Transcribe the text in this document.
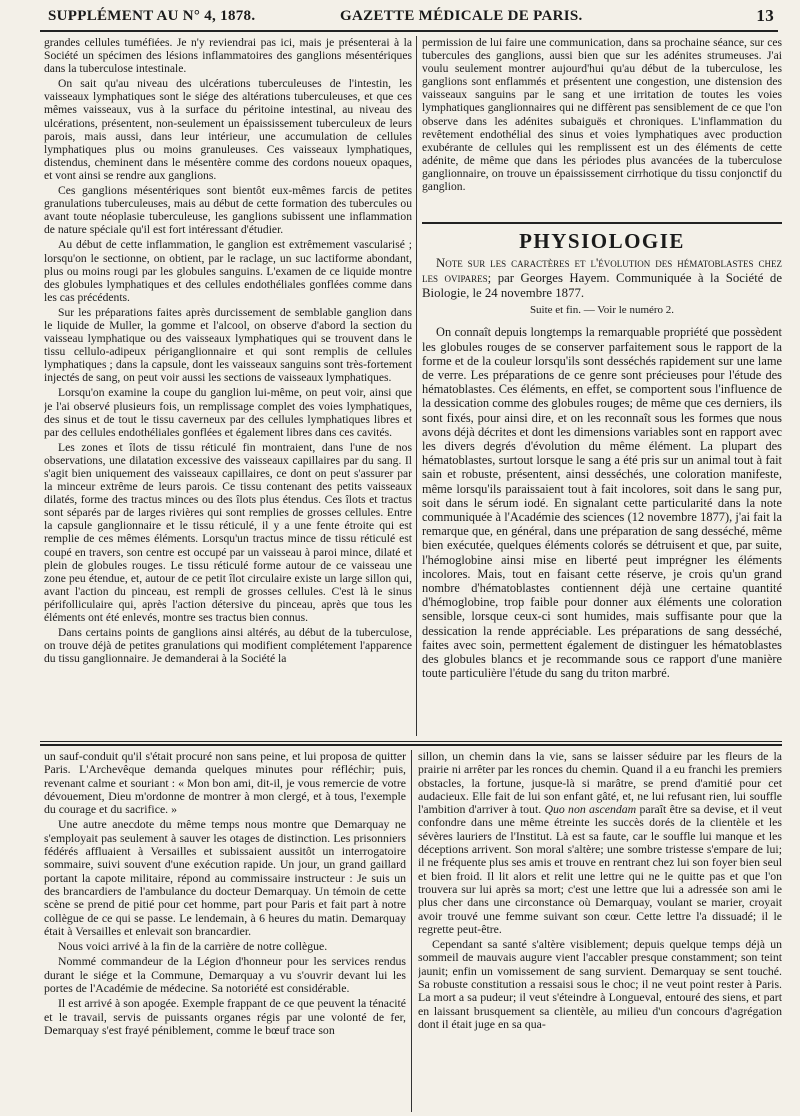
SUPPLÉMENT AU N° 4, 1878.	GAZETTE MÉDICALE DE PARIS.	13

grandes cellules tuméfiées. Je n'y reviendrai pas ici, mais je présenterai à la Société un spécimen des lésions inflammatoires des ganglions mésentériques dans la tuberculose intestinale.

On sait qu'au niveau des ulcérations tuberculeuses de l'intestin, les vaisseaux lymphatiques sont le siége des altérations tuberculeuses, et que ces mêmes vaisseaux, vus à la surface du péritoine intestinal, au niveau des ulcérations, présentent, non-seulement un épaississement tuberculeux de leurs parois, mais aussi, dans leur intérieur, une accumulation de cellules lymphatiques plus ou moins granuleuses. Ces vaisseaux lymphatiques, distendus, cheminent dans le mésentère comme des cordons noueux opaques, et vont ainsi se rendre aux ganglions.

Ces ganglions mésentériques sont bientôt eux-mêmes farcis de petites granulations tuberculeuses, mais au début de cette formation des tubercules ou avant toute néoplasie tuberculeuse, les ganglions subissent une inflammation de nature spéciale qu'il est fort intéressant d'étudier.

Au début de cette inflammation, le ganglion est extrêmement vascularisé ; lorsqu'on le sectionne, on obtient, par le raclage, un suc lactiforme abondant, plus ou moins rougi par les globules sanguins. L'examen de ce liquide montre des globules lymphatiques et des cellules endothéliales gonflées comme dans les cas précédents.

Sur les préparations faites après durcissement de semblable ganglion dans le liquide de Muller, la gomme et l'alcool, on observe d'abord la section du vaisseau lymphatique ou des vaisseaux lymphatiques qui se trouvent dans le tissu cellulo-adipeux périganglionnaire et qui sont remplis de cellules lymphatiques ; dans la capsule, dont les vaisseaux sanguins sont très-fortement injectés de sang, on peut voir aussi les sections de vaisseaux lymphatiques.

Lorsqu'on examine la coupe du ganglion lui-même, on peut voir, ainsi que je l'ai observé plusieurs fois, un remplissage complet des voies lymphatiques, des sinus et de tout le tissu caverneux par des cellules lymphatiques libres et par des cellules endothéliales gonflées et également libres dans ces cavités.

Les zones et îlots de tissu réticulé fin montraient, dans l'une de nos observations, une dilatation excessive des vaisseaux capillaires par du sang. Il s'agit bien uniquement des vaisseaux capillaires, ce dont on peut s'assurer par la minceur extrême de leurs parois. Ce tissu contenant des petits vaisseaux dilatés, forme des tractus minces ou des îlots plus étendus. Ces îlots et tractus sont séparés par de larges rivières qui sont remplies de grosses cellules. Entre la capsule ganglionnaire et le tissu réticulé, il y a une fente étroite qui est remplie de ces mêmes éléments. Lorsqu'un tractus mince de tissu réticulé est coupé en travers, son centre est occupé par un vaisseau à paroi mince, dilaté et plein de globules rouges. Le tissu réticulé forme autour de ce vaisseau une zone peu étendue, et, autour de ce petit îlot circulaire existe un large sillon qui, avant l'action du pinceau, est rempli de grosses cellules. C'est là le sinus périfolliculaire qui, après l'action détersive du pinceau, après que tous les éléments ont été enlevés, montre ses tractus bien connus.

Dans certains points de ganglions ainsi altérés, au début de la tuberculose, on trouve déjà de petites granulations qui modifient complétement l'apparence du tissu ganglionnaire. Je demanderai à la Société la

permission de lui faire une communication, dans sa prochaine séance, sur ces tubercules des ganglions, aussi bien que sur les adénites strumeuses. J'ai voulu seulement montrer aujourd'hui qu'au début de la tuberculose, les ganglions sont enflammés et présentent une congestion, une distension des vaisseaux sanguins par le sang et une irritation de toutes les voies lymphatiques ganglionnaires qui ne diffèrent pas sensiblement de ce que l'on observe dans les adénites subaiguës et chroniques. L'inflammation du revêtement endothélial des sinus et voies lymphatiques avec production exubérante de cellules qui les remplissent est un des éléments de cette adénite, de même que dans les périodes plus avancées de la tuberculose ganglionnaire, on trouve un épaississement cirrhotique du tissu conjonctif du ganglion.

PHYSIOLOGIE

Note sur les caractères et l'évolution des hématoblastes chez les ovipares; par Georges Hayem. Communiquée à la Société de Biologie, le 24 novembre 1877.

Suite et fin. — Voir le numéro 2.

On connaît depuis longtemps la remarquable propriété que possèdent les globules rouges de se conserver parfaitement sous le rapport de la forme et de la couleur lorsqu'ils sont desséchés rapidement sur une lame de verre. Les préparations de ce genre sont précieuses pour l'étude des hématoblastes. Ces éléments, en effet, se comportent sous l'influence de la dessication comme des globules rouges; de même que ces derniers, ils sont fixés, pour ainsi dire, et on les reconnaît sous les formes que nous avons déjà décrites et dont les dimensions variables sont en rapport avec les divers degrés d'évolution du même élément. La plupart des hématoblastes, surtout lorsque le sang a été pris sur un animal tout à fait sain et robuste, présentent, ainsi desséchés, une coloration manifeste, même lorsqu'ils paraissaient tout à fait incolores, soit dans le sang pur, soit dans le sérum iodé. En signalant cette particularité dans la note communiquée à l'Académie des sciences (12 novembre 1877), j'ai fait la remarque que, en général, dans une préparation de sang desséché, même bien exécutée, quelques éléments colorés se détruisent et que, par suite, l'hémoglobine ainsi mise en liberté peut imprégner les éléments incolores. Mais, tout en faisant cette réserve, je crois qu'un grand nombre d'hématoblastes contiennent déjà une certaine quantité d'hémoglobine, trop faible pour donner aux éléments une coloration sensible, lorsque ceux-ci sont humides, mais suffisante pour que la dessication la rende appréciable. Les préparations de sang desséché, faites avec soin, permettent également de distinguer les hématoblastes des globules blancs et je recommande sous ce rapport d'une manière toute particulière l'étude du sang du triton marbré.

un sauf-conduit qu'il s'était procuré non sans peine, et lui proposa de quitter Paris. L'Archevêque demanda quelques minutes pour réfléchir; puis, revenant calme et souriant : « Mon bon ami, dit-il, je vous remercie de votre dévouement, Dieu m'ordonne de montrer à mon clergé, et à tous, l'exemple du courage et du sacrifice. »

Une autre anecdote du même temps nous montre que Demarquay ne s'employait pas seulement à sauver les otages de distinction. Les prisonniers fédérés affluaient à Versailles et subissaient aussitôt un interrogatoire sommaire, suivi souvent d'une exécution rapide. Un jour, un grand gaillard portant la capote militaire, répond au commissaire instructeur : Je suis un des brancardiers de l'ambulance du docteur Demarquay. Un témoin de cette scène se prend de pitié pour cet homme, part pour Paris et fait part à notre collègue de ce qui se passe. Le lendemain, à 6 heures du matin. Demarquay était à Versailles et enlevait son brancardier.

Nous voici arrivé à la fin de la carrière de notre collègue.

Nommé commandeur de la Légion d'honneur pour les services rendus durant le siége et la Commune, Demarquay a vu s'ouvrir devant lui les portes de l'Académie de médecine. Sa notoriété est considérable.

Il est arrivé à son apogée. Exemple frappant de ce que peuvent la ténacité et le travail, servis de puissants organes régis par une volonté de fer, Demarquay s'est frayé péniblement, comme le bœuf trace son

sillon, un chemin dans la vie, sans se laisser séduire par les fleurs de la prairie ni arrêter par les ronces du chemin. Quand il a eu franchi les premiers obstacles, la fortune, jusque-là si marâtre, se prend d'amitié pour cet audacieux. Elle fait de lui son enfant gâté, et, ne lui refusant rien, lui souffle l'ambition d'arriver à tout. Quo non ascendam paraît être sa devise, et il veut confondre dans une même étreinte les succès dorés de la clientèle et les sévères lauriers de l'Institut. Là est sa faute, car le souffle lui manque et les déceptions arrivent. Son moral s'altère; une sombre tristesse s'empare de lui; il ne fréquente plus ses amis et trouve en rentrant chez lui son foyer bien seul et bien froid. Il lit alors et relit une lettre qui ne le quitte pas et que l'on trouvera sur lui après sa mort; c'est une lettre que lui a adressée son ami le plus cher dans une circonstance où Demarquay, voulant se marier, croyait avoir trouvé une femme suivant son cœur. Cette lettre l'a dissuadé; il le regrette peut-être.

Cependant sa santé s'altère visiblement; depuis quelque temps déjà un sommeil de mauvais augure vient l'accabler presque constamment; son teint jaunit; enfin un vomissement de sang survient. Demarquay se sent touché. Sa robuste constitution a ressaisi sous le choc; il ne veut point rester à Paris. La mort a sa pudeur; il veut s'éteindre à Longueval, entouré des siens, et part en laissant brusquement sa clientèle, au milieu d'un concours d'agrégation dont il était juge en sa qua-
